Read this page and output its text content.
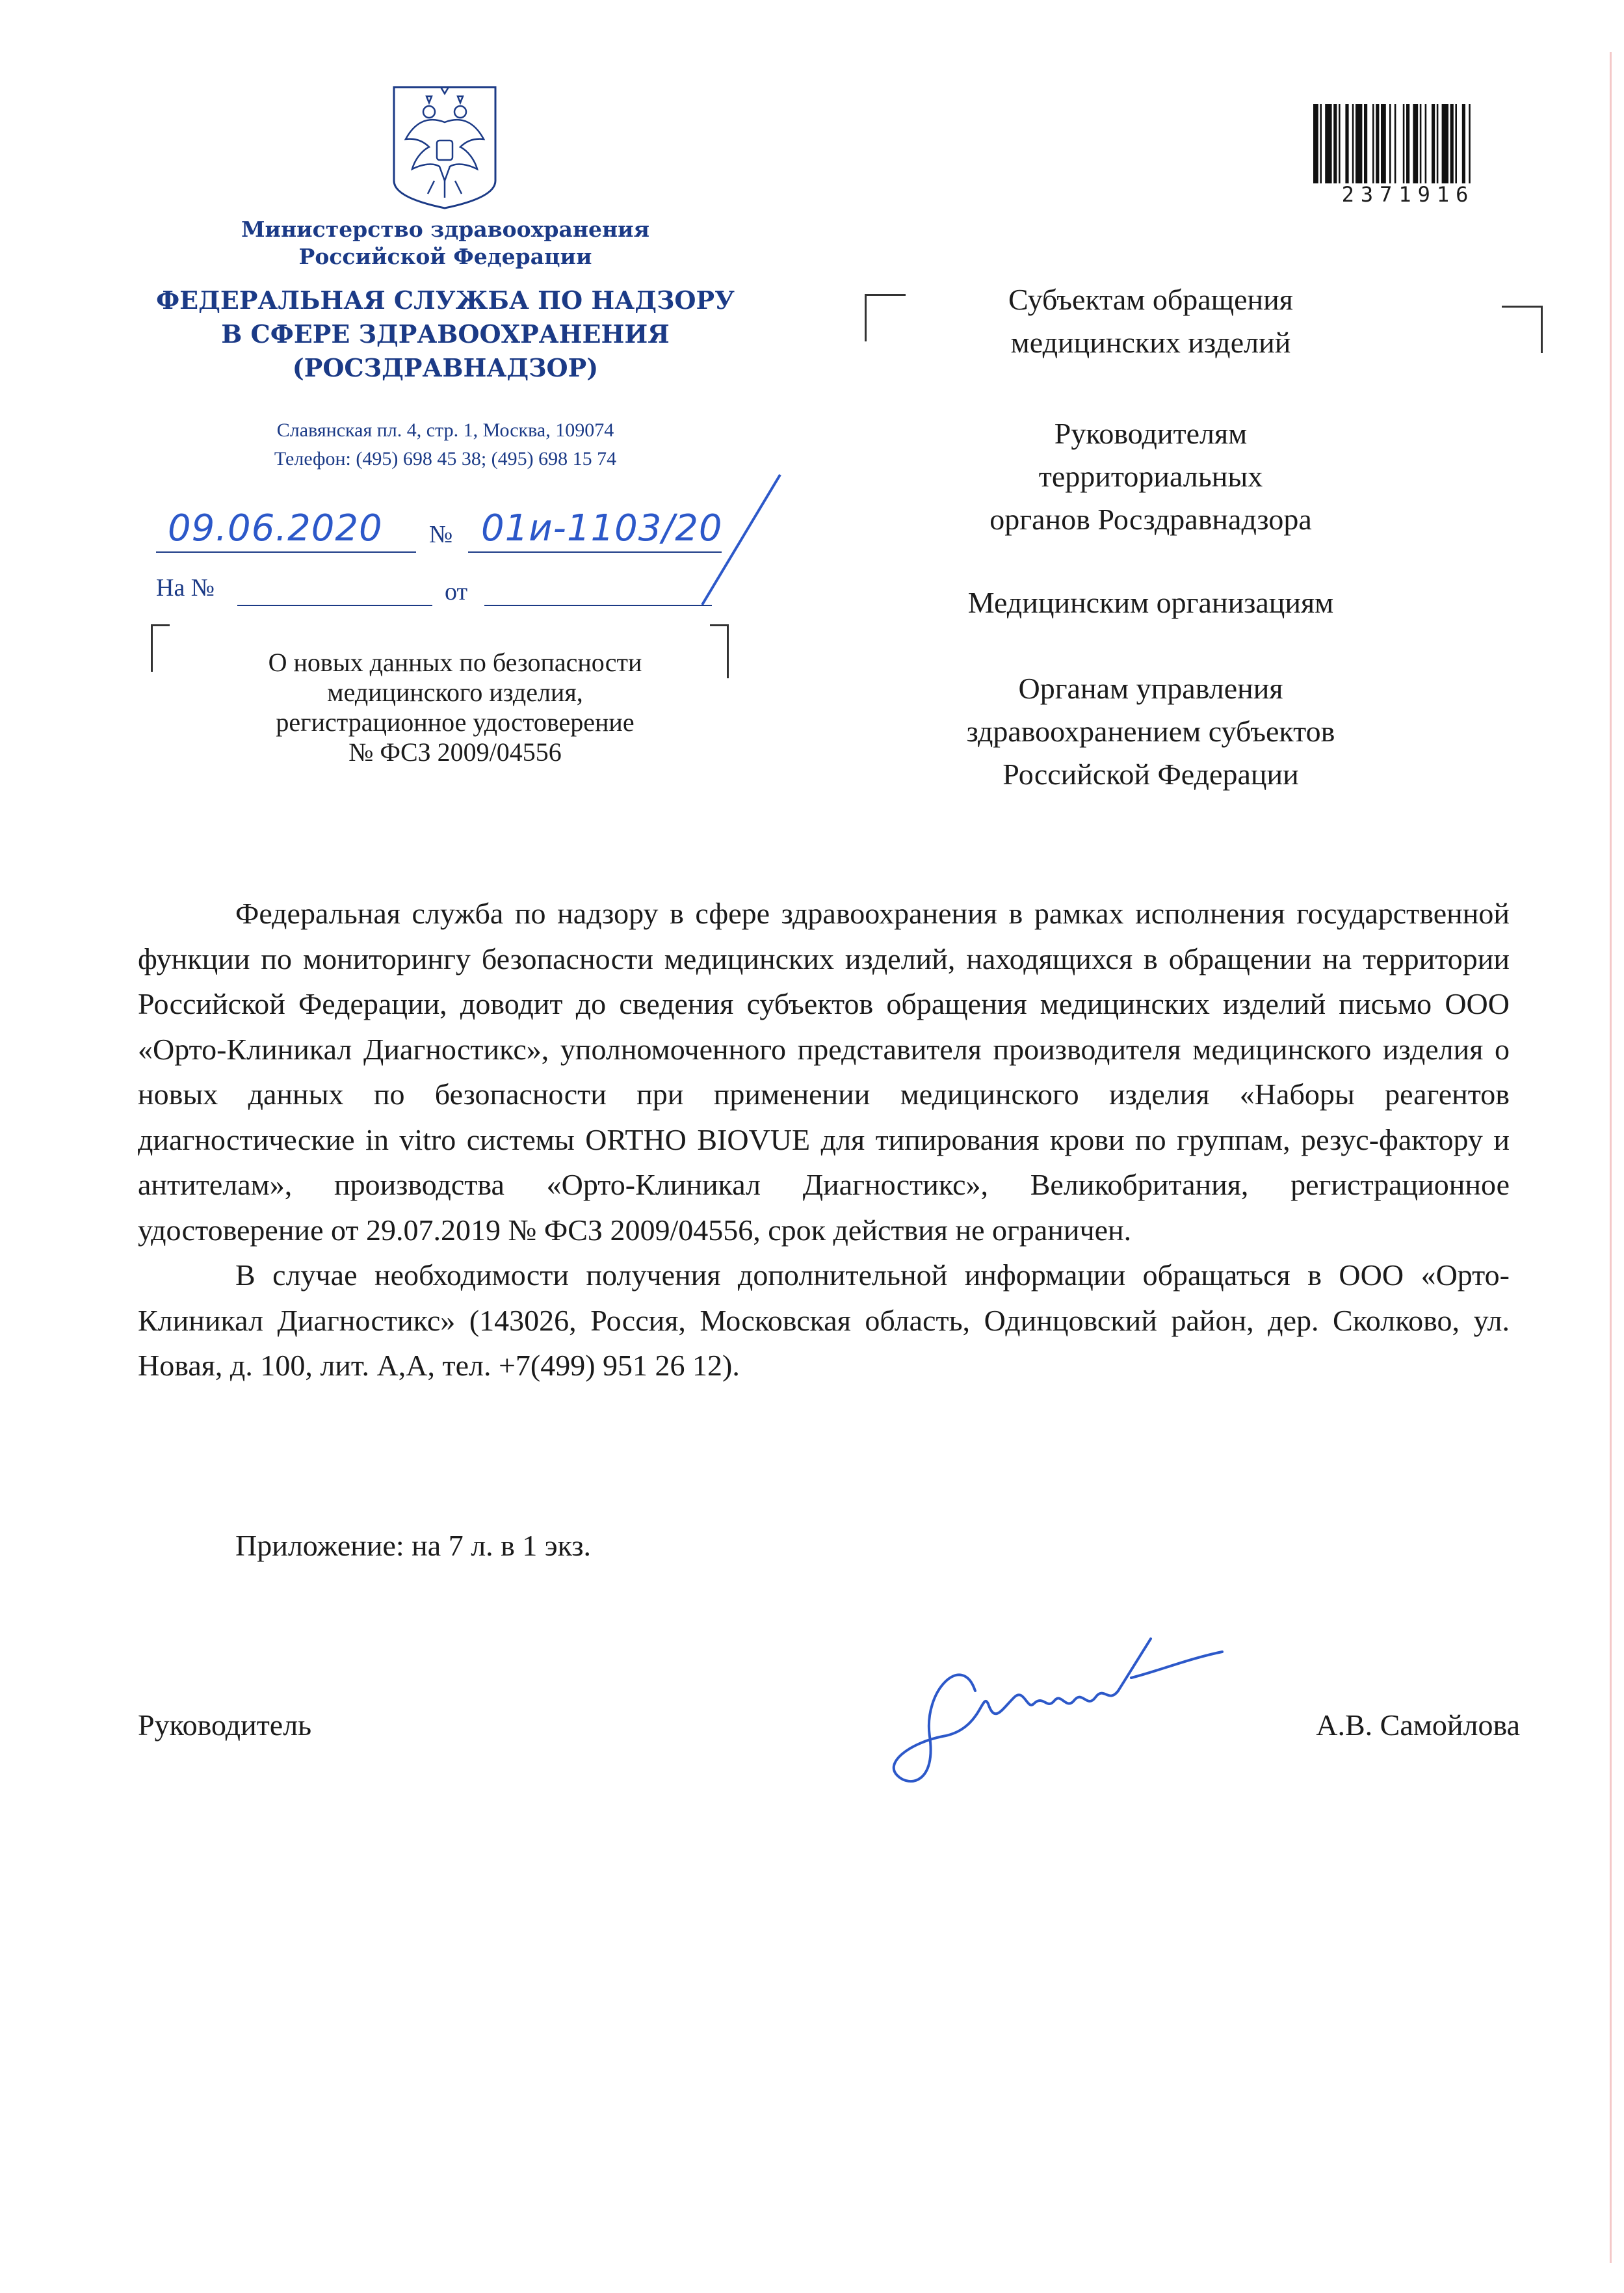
Министерство здравоохранения
Российской Федерации
ФЕДЕРАЛЬНАЯ СЛУЖБА ПО НАДЗОРУ
В СФЕРЕ ЗДРАВООХРАНЕНИЯ
(РОСЗДРАВНАДЗОР)
Славянская пл. 4, стр. 1, Москва, 109074
Телефон: (495) 698 45 38; (495) 698 15 74
09.06.2020 № 01и-1103/20
На №	от
О новых данных по безопасности
медицинского изделия,
регистрационное удостоверение
№ ФСЗ 2009/04556
2371916
Субъектам обращения
медицинских изделий
Руководителям
территориальных
органов Росздравнадзора
Медицинским организациям
Органам управления
здравоохранением субъектов
Российской Федерации

Федеральная служба по надзору в сфере здравоохранения в рамках исполнения государственной функции по мониторингу безопасности медицинских изделий, находящихся в обращении на территории Российской Федерации, доводит до сведения субъектов обращения медицинских изделий письмо ООО «Орто-Клиникал Диагностикс», уполномоченного представителя производителя медицинского изделия о новых данных по безопасности при применении медицинского изделия «Наборы реагентов диагностические in vitro системы ORTHO BIOVUE для типирования крови по группам, резус-фактору и антителам», производства «Орто-Клиникал Диагностикс», Великобритания, регистрационное удостоверение от 29.07.2019 № ФСЗ 2009/04556, срок действия не ограничен.

В случае необходимости получения дополнительной информации обращаться в ООО «Орто-Клиникал Диагностикс» (143026, Россия, Московская область, Одинцовский район, дер. Сколково, ул. Новая, д. 100, лит. А,А, тел. +7(499) 951 26 12).

Приложение: на 7 л. в 1 экз.
Руководитель	А.В. Самойлова
